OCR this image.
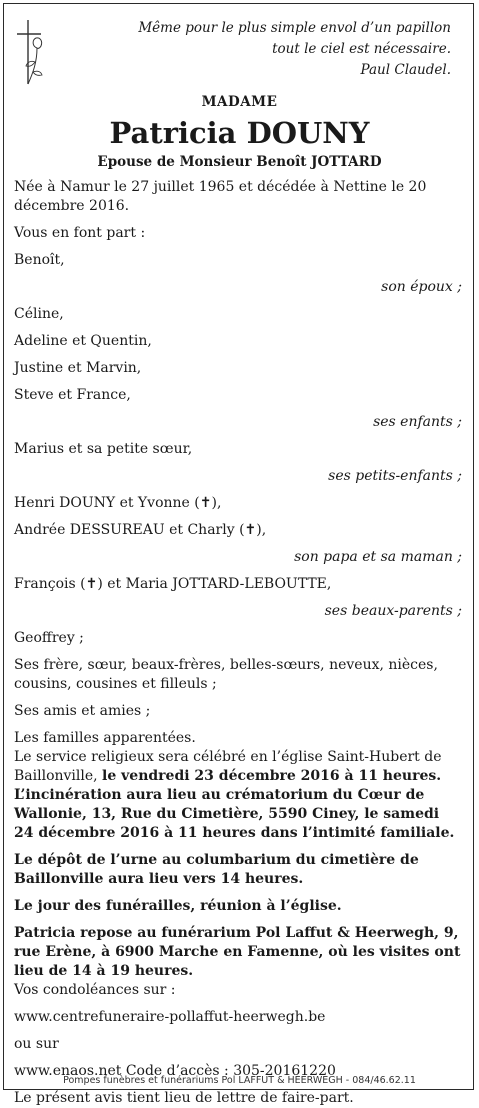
Même pour le plus simple envol d’un papillon
tout le ciel est nécessaire.
Paul Claudel.
MADAME
Patricia DOUNY
Epouse de Monsieur Benoît JOTTARD

Née à Namur le 27 juillet 1965 et décédée à Nettine le 20 décembre 2016.

Vous en font part :

Benoît,

son époux ;

Céline,

Adeline et Quentin,

Justine et Marvin,

Steve et France,

ses enfants ;

Marius et sa petite sœur,

ses petits-enfants ;

Henri DOUNY et Yvonne (✝),

Andrée DESSUREAU et Charly (✝),

son papa et sa maman ;

François (✝) et Maria JOTTARD-LEBOUTTE,

ses beaux-parents ;

Geoffrey ;

Ses frère, sœur, beaux-frères, belles-sœurs, neveux, nièces, cousins, cousines et filleuls ;

Ses amis et amies ;

Les familles apparentées.

Le service religieux sera célébré en l’église Saint-Hubert de Baillonville, le vendredi 23 décembre 2016 à 11 heures.

L’incinération aura lieu au crématorium du Cœur de Wallonie, 13, Rue du Cimetière, 5590 Ciney, le samedi 24 décembre 2016 à 11 heures dans l’intimité familiale.

Le dépôt de l’urne au columbarium du cimetière de Baillonville aura lieu vers 14 heures.

Le jour des funérailles, réunion à l’église.

Patricia repose au funérarium Pol Laffut & Heerwegh, 9, rue Erène, à 6900 Marche en Famenne, où les visites ont lieu de 14 à 19 heures.

Vos condoléances sur :

www.centrefuneraire-pollaffut-heerwegh.be

ou sur

www.enaos.net Code d’accès : 305-20161220

Le présent avis tient lieu de lettre de faire-part.

Pompes funèbres et funérariums Pol LAFFUT & HEERWEGH - 084/46.62.11
